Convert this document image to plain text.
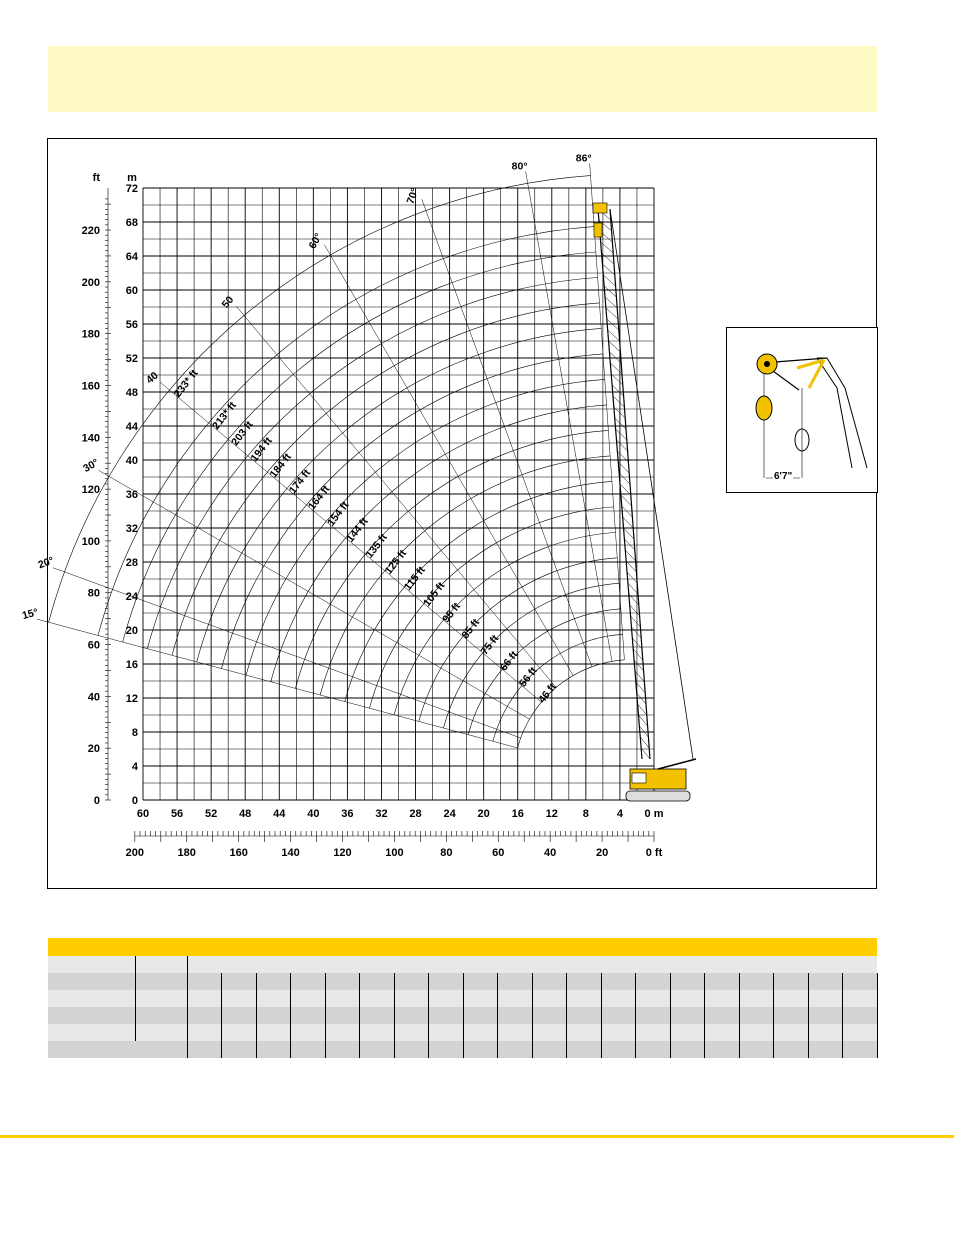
0
4
8
12
16
20
24
28
32
36
40
44
48
52
56
60
64
68
72
0
20
40
60
80
100
120
140
160
180
200
220
ft m
60 56 52 48 44 40 36 32 28 24 20 16 12 8	4 0 m
200	180	160	140	120	100	80	60	40	20	0 ft
46 ft
56 ft
66 ft
75 ft
85 ft
95 ft
105 ft
115 ft
125 ft
135 ft
144 ft
154 ft
164 ft
174 ft
184 ft
194 ft
203 ft
213* ft
233* ft
86°
80°
70°
60°
50
40
30°
20°
15°
6'7"
